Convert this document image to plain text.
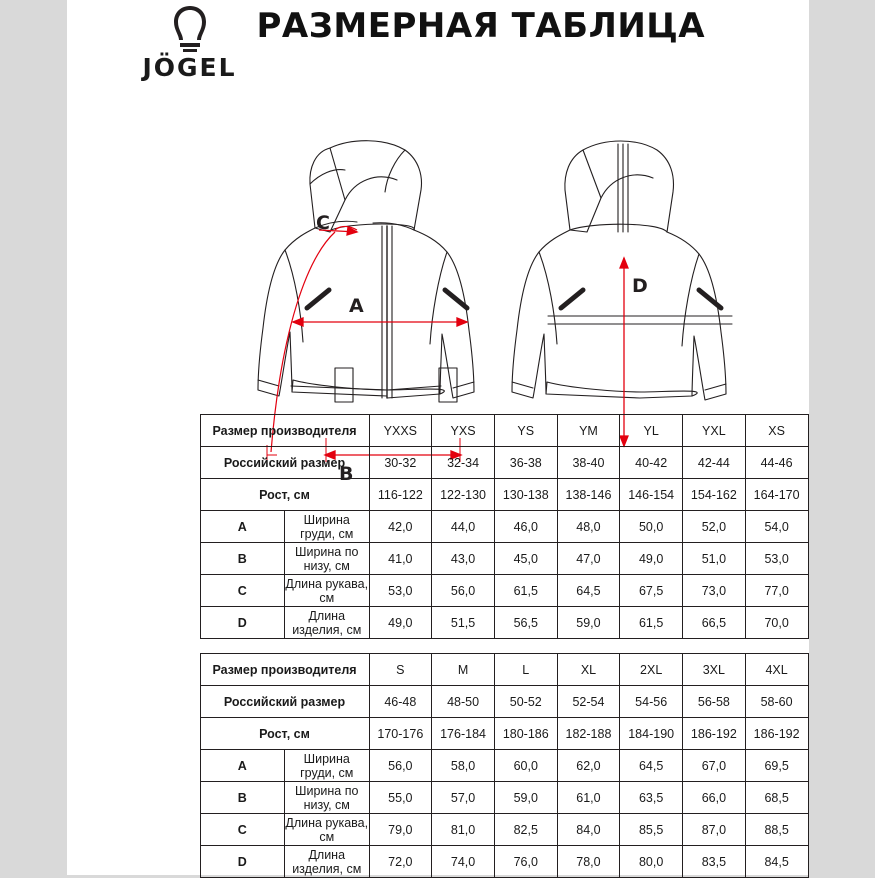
JÖGEL
РАЗМЕРНАЯ ТАБЛИЦА
A
B
C
D
Размер производителя		YXXS	YXS	YS	YM	YL	YXL	XS
Российский размер		30-32	32-34	36-38	38-40	40-42	42-44	44-46
Рост, см		116-122	122-130	130-138	138-146	146-154	154-162	164-170
A	Ширина груди, см	42,0	44,0	46,0	48,0	50,0	52,0	54,0
B	Ширина по низу, см	41,0	43,0	45,0	47,0	49,0	51,0	53,0
C	Длина рукава, см	53,0	56,0	61,5	64,5	67,5	73,0	77,0
D	Длина изделия, см	49,0	51,5	56,5	59,0	61,5	66,5	70,0
Размер производителя		S	M	L	XL	2XL	3XL	4XL
Российский размер		46-48	48-50	50-52	52-54	54-56	56-58	58-60
Рост, см		170-176	176-184	180-186	182-188	184-190	186-192	186-192
A	Ширина груди, см	56,0	58,0	60,0	62,0	64,5	67,0	69,5
B	Ширина по низу, см	55,0	57,0	59,0	61,0	63,5	66,0	68,5
C	Длина рукава, см	79,0	81,0	82,5	84,0	85,5	87,0	88,5
D	Длина изделия, см	72,0	74,0	76,0	78,0	80,0	83,5	84,5
